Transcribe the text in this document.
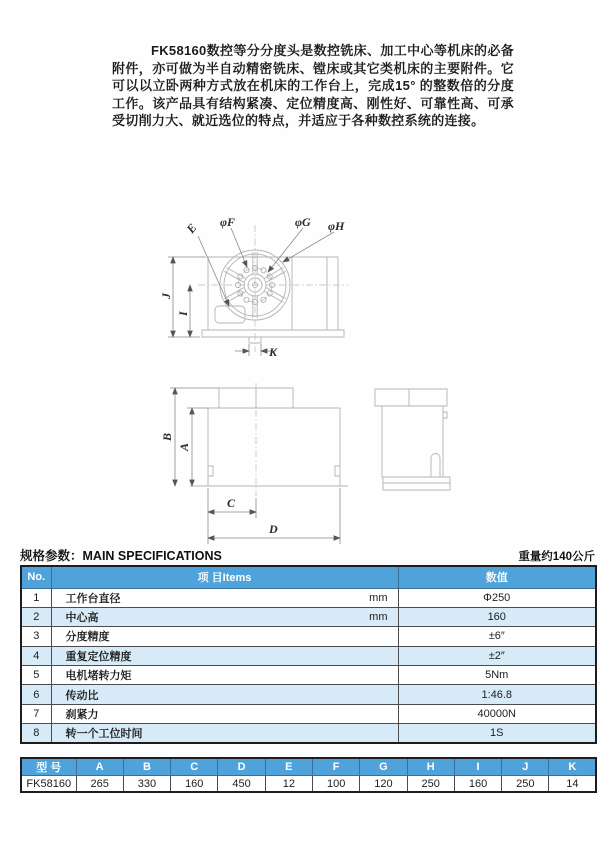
FK58160数控等分分度头是数控铣床、加工中心等机床的必备附件，亦可做为半自动精密铣床、镗床或其它类机床的主要附件。它可以以立卧两种方式放在机床的工作台上，完成15° 的整数倍的分度工作。该产品具有结构紧凑、定位精度高、刚性好、可靠性高、可承受切削力大、就近选位的特点，并适应于各种数控系统的连接。

E φF	φG φH
J
I
K
B
A
C
D
规格参数：MAIN SPECIFICATIONS	重量约140公斤
No.	项 目Items	数值
1	工作台直径 mm	Φ250
2	中心高 mm	160
3	分度精度	±6″
4	重复定位精度	±2″
5	电机堵转力矩	5Nm
6	传动比	1:46.8
7	刹紧力	40000N
8	转一个工位时间	1S
型 号	A	B	C	D	E	F	G	H	I	J	K
FK58160	265	330	160	450	12	100	120	250	160	250	14
